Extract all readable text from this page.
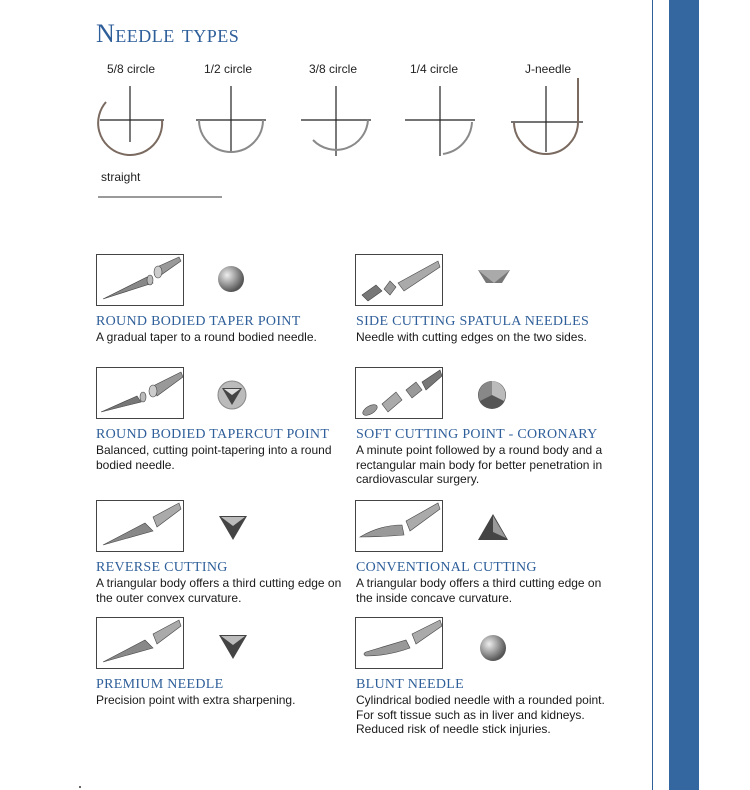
Needle types
5/8 circle	1/2 circle	3/8 circle	1/4 circle	J-needle
straight
ROUND BODIED TAPER POINT
A gradual taper to a round bodied needle.
SIDE CUTTING SPATULA NEEDLES
Needle with cutting edges on the two sides.
ROUND BODIED TAPERCUT POINT
Balanced, cutting point-tapering into a round bodied needle.
SOFT CUTTING POINT - CORONARY
A minute point followed by a round body and a rectangular main body for better penetration in cardiovascular surgery.
REVERSE CUTTING
A triangular body offers a third cutting edge on the outer convex curvature.
CONVENTIONAL CUTTING
A triangular body offers a third cutting edge on the inside concave curvature.
PREMIUM NEEDLE
Precision point with extra sharpening.
BLUNT NEEDLE
Cylindrical bodied needle with a rounded point. For soft tissue such as in liver and kidneys. Reduced risk of needle stick injuries.
